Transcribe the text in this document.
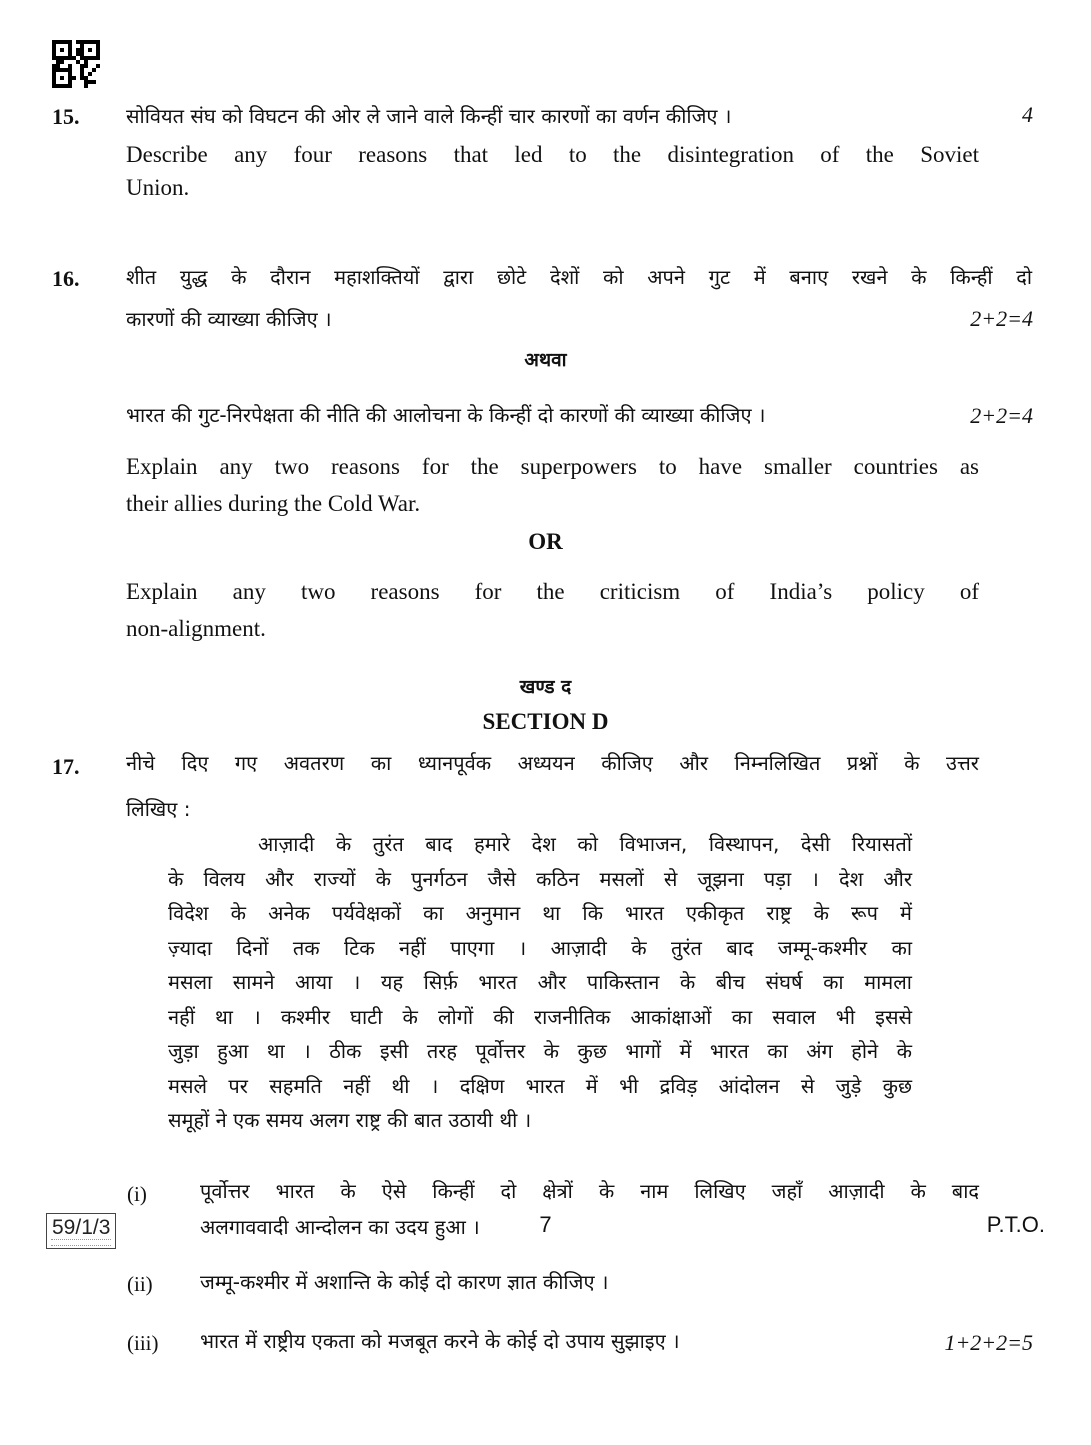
15. सोवियत संघ को विघटन की ओर ले जाने वाले किन्हीं चार कारणों का वर्णन कीजिए ।	4
Describe any four reasons that led to the disintegration of the Soviet
Union.
16. शीत युद्ध के दौरान महाशक्तियों द्वारा छोटे देशों को अपने गुट में बनाए रखने के किन्हीं दो
कारणों की व्याख्या कीजिए ।	2+2=4
अथवा
भारत की गुट-निरपेक्षता की नीति की आलोचना के किन्हीं दो कारणों की व्याख्या कीजिए ।	2+2=4
Explain any two reasons for the superpowers to have smaller countries as
their allies during the Cold War.
OR
Explain any two reasons for the criticism of India’s policy of
non-alignment.
खण्ड द
SECTION D
17. नीचे दिए गए अवतरण का ध्यानपूर्वक अध्ययन कीजिए और निम्नलिखित प्रश्नों के उत्तर
लिखिए :
आज़ादी के तुरंत बाद हमारे देश को विभाजन, विस्थापन, देसी रियासतों
के विलय और राज्यों के पुनर्गठन जैसे कठिन मसलों से जूझना पड़ा । देश और
विदेश के अनेक पर्यवेक्षकों का अनुमान था कि भारत एकीकृत राष्ट्र के रूप में
ज़्यादा दिनों तक टिक नहीं पाएगा । आज़ादी के तुरंत बाद जम्मू-कश्मीर का
मसला सामने आया । यह सिर्फ़ भारत और पाकिस्तान के बीच संघर्ष का मामला
नहीं था । कश्मीर घाटी के लोगों की राजनीतिक आकांक्षाओं का सवाल भी इससे
जुड़ा हुआ था । ठीक इसी तरह पूर्वोत्तर के कुछ भागों में भारत का अंग होने के
मसले पर सहमति नहीं थी । दक्षिण भारत में भी द्रविड़ आंदोलन से जुड़े कुछ
समूहों ने एक समय अलग राष्ट्र की बात उठायी थी ।
(i)	पूर्वोत्तर भारत के ऐसे किन्हीं दो क्षेत्रों के नाम लिखिए जहाँ आज़ादी के बाद
अलगाववादी आन्दोलन का उदय हुआ ।
(ii) जम्मू-कश्मीर में अशान्ति के कोई दो कारण ज्ञात कीजिए ।
(iii) भारत में राष्ट्रीय एकता को मजबूत करने के कोई दो उपाय सुझाइए ।	1+2+2=5
59/1/3	7	P.T.O.
